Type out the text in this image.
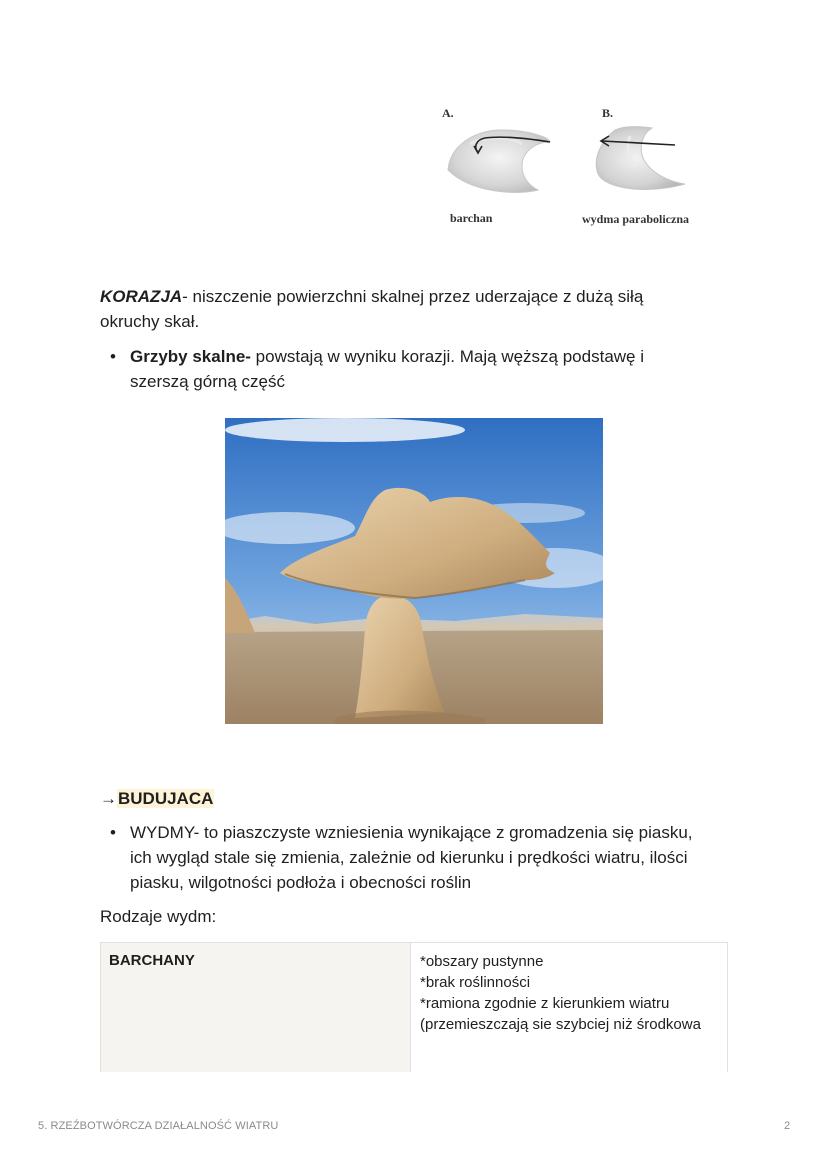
A.	B.
barchan	wydma paraboliczna
KORAZJA- niszczenie powierzchni skalnej przez uderzające z dużą siłą
okruchy skał.
• Grzyby skalne- powstają w wyniku korazji. Mają węższą podstawę i
szerszą górną część
→BUDUJACA
• WYDMY- to piaszczyste wzniesienia wynikające z gromadzenia się piasku,
ich wygląd stale się zmienia, zależnie od kierunku i prędkości wiatru, ilości
piasku, wilgotności podłoża i obecności roślin
Rodzaje wydm:
BARCHANY	*obszary pustynne
*brak roślinności
*ramiona zgodnie z kierunkiem wiatru
(przemieszczają sie szybciej niż środkowa
5. RZEŹBOTWÓRCZA DZIAŁALNOŚĆ WIATRU	2
